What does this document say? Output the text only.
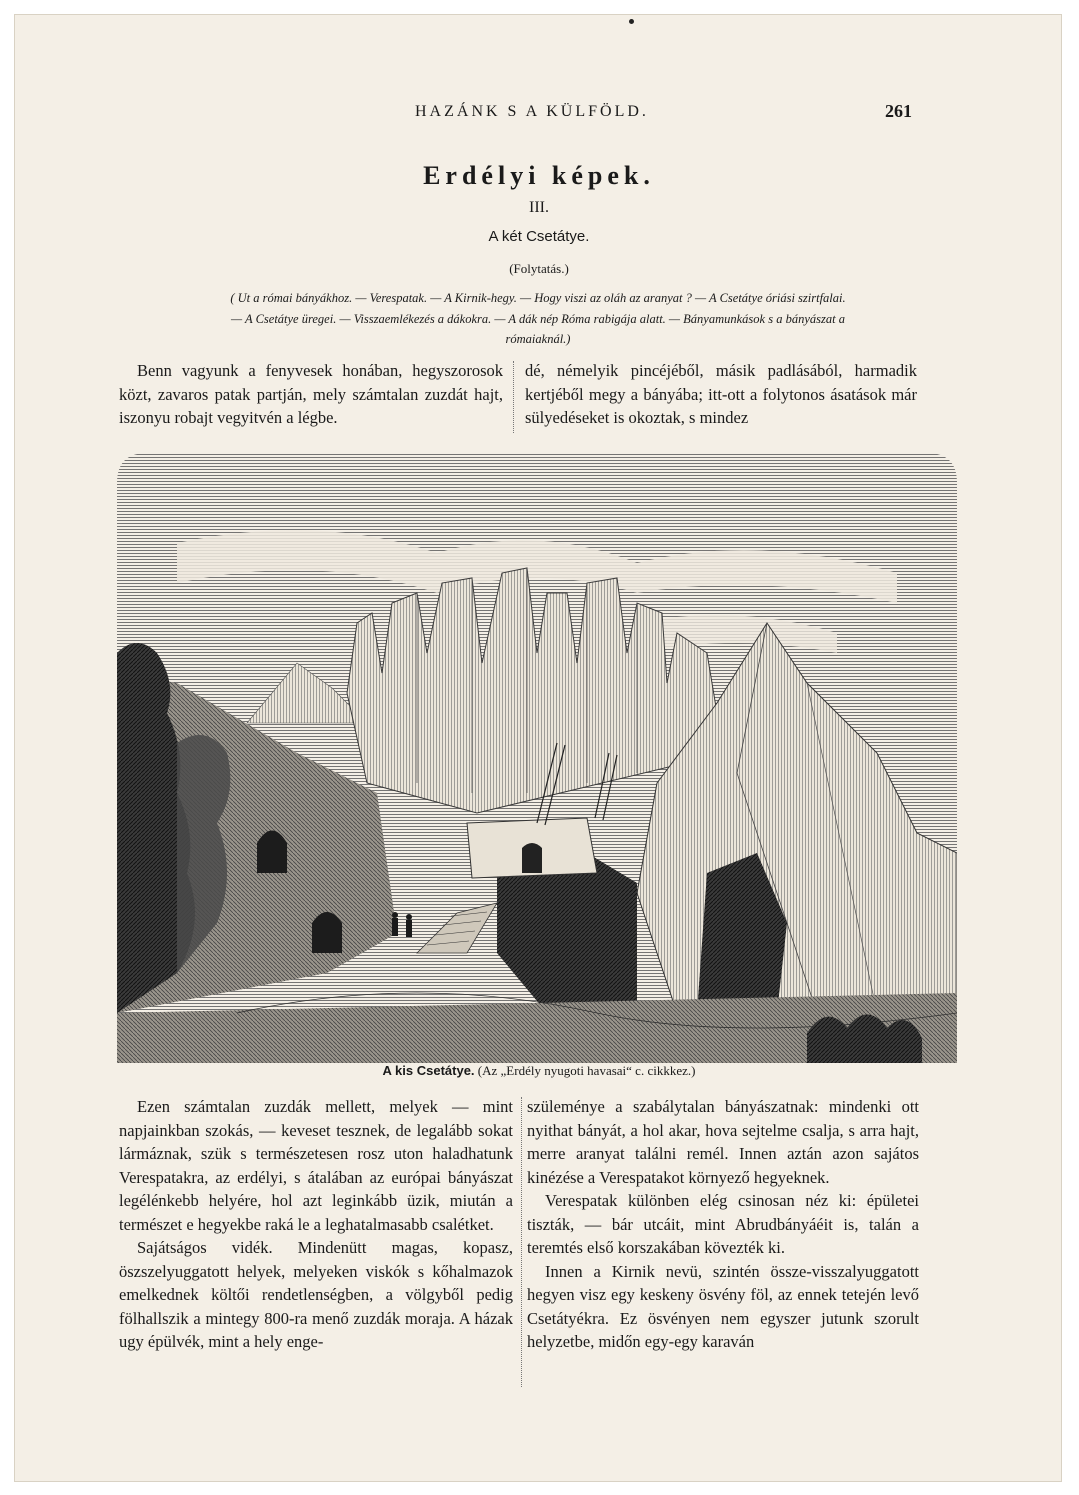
HAZÁNK S A KÜLFÖLD.	261
Erdélyi képek.
III.
A két Csetátye.
(Folytatás.)
( Ut a római bányákhoz. — Verespatak. — A Kirnik-hegy. — Hogy viszi az oláh az aranyat ? — A Csetátye óriási szirtfalai.
— A Csetátye üregei. — Visszaemlékezés a dákokra. — A dák nép Róma rabigája alatt. — Bányamunkások s a bányászat a
rómaiaknál.)

Benn vagyunk a fenyvesek honában, hegyszorosok közt, zavaros patak partján, mely számtalan zuzdát hajt, iszonyu robajt vegyitvén a légbe.

dé, némelyik pincéjéből, másik padlásából, harmadik kertjéből megy a bányába; itt-ott a folytonos ásatások már sülyedéseket is okoztak, s mindez

A kis Csetátye. (Az „Erdély nyugoti havasai“ c. cikkkez.)

Ezen számtalan zuzdák mellett, melyek — mint napjainkban szokás, — keveset tesznek, de legalább sokat lármáznak, szük s természetesen rosz uton haladhatunk Verespatakra, az erdélyi, s átalában az európai bányászat legélénkebb helyére, hol azt leginkább üzik, miután a természet e hegyekbe raká le a leghatalmasabb csalétket.

Sajátságos vidék. Mindenütt magas, kopasz, öszszelyuggatott helyek, melyeken viskók s kőhalmazok emelkednek költői rendetlenségben, a völgyből pedig fölhallszik a mintegy 800-ra menő zuzdák moraja. A házak ugy épülvék, mint a hely enge-

szüleménye a szabálytalan bányászatnak: mindenki ott nyithat bányát, a hol akar, hova sejtelme csalja, s arra hajt, merre aranyat találni remél. Innen aztán azon sajátos kinézése a Verespatakot környező hegyeknek.

Verespatak különben elég csinosan néz ki: épületei tiszták, — bár utcáit, mint Abrudbányáéit is, talán a teremtés első korszakában kövezték ki.

Innen a Kirnik nevü, szintén össze-visszalyuggatott hegyen visz egy keskeny ösvény föl, az ennek tetején levő Csetátyékra. Ez ösvényen nem egyszer jutunk szorult helyzetbe, midőn egy-egy karaván
